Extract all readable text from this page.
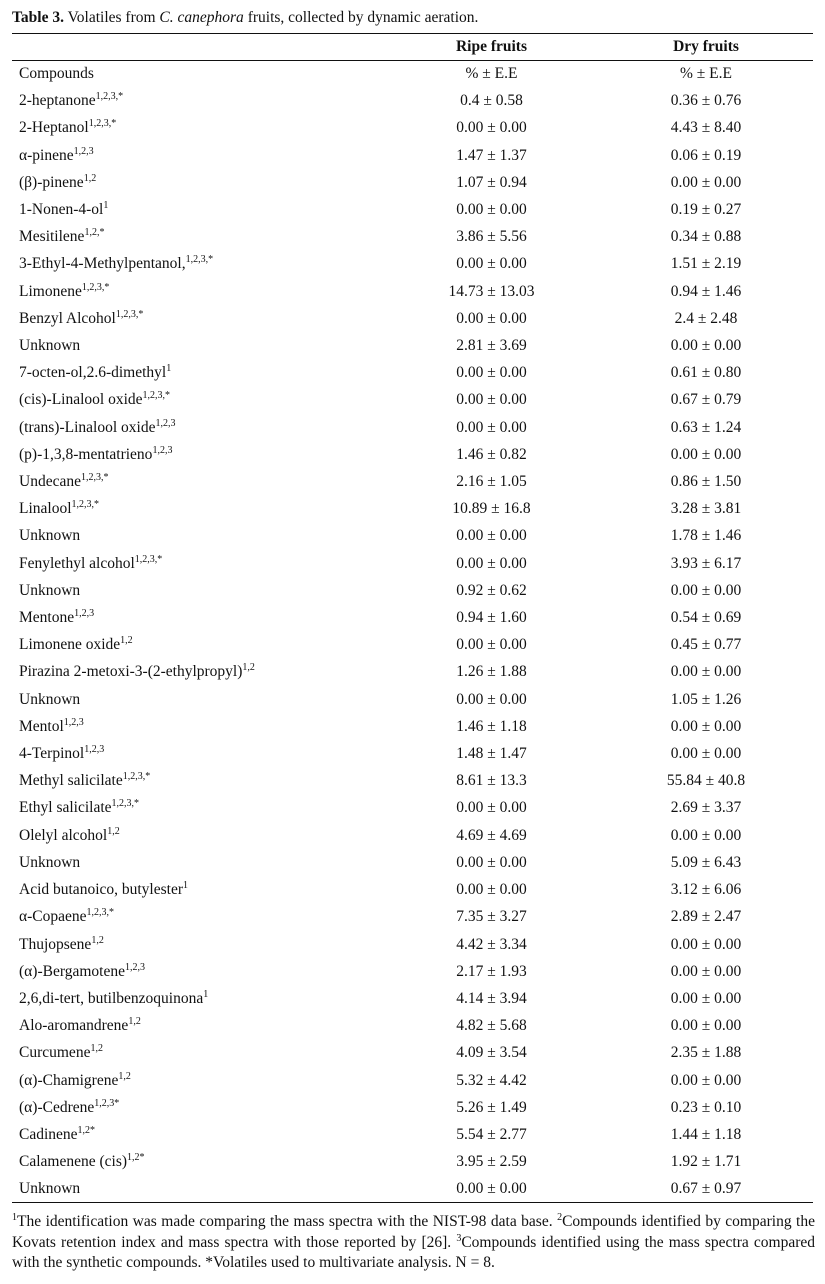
Table 3. Volatiles from C. canephora fruits, collected by dynamic aeration.
	Ripe fruits	Dry fruits
Compounds	% ± E.E	% ± E.E
2-heptanone$^{1,2,3,*}$	0.4 ± 0.58	0.36 ± 0.76
2-Heptanol$^{1,2,3,*}$	0.00 ± 0.00	4.43 ± 8.40
α-pinene$^{1,2,3}$	1.47 ± 1.37	0.06 ± 0.19
(β)-pinene$^{1,2}$	1.07 ± 0.94	0.00 ± 0.00
$1-Nonen-4-ol^1$	0.00 ± 0.00	0.19 ± 0.27
Mesitilene$^{1,2,*}$	3.86 ± 5.56	0.34 ± 0.88
3-Ethyl-4-Methylpentanol,$^{1,2,3,*}$	0.00 ± 0.00	1.51 ± 2.19
Limonene$^{1,2,3,*}$	14.73 ± 13.03	0.94 ± 1.46
Benzyl Alcohol$^{1,2,3,*}$	0.00 ± 0.00	2.4 ± 2.48
Unknown	2.81 ± 3.69	0.00 ± 0.00
7-octen-ol,2.6-dimethyl$^1$	0.00 ± 0.00	0.61 ± 0.80
(cis)-Linalool oxide$^{1,2,3,*}$	0.00 ± 0.00	0.67 ± 0.79
(trans)-Linalool oxide$^{1,2,3}$	0.00 ± 0.00	0.63 ± 1.24
(p)-1,3,8-mentatrieno$^{1,2,3}$	1.46 ± 0.82	0.00 ± 0.00
Undecane$^{1,2,3,*}$	2.16 ± 1.05	0.86 ± 1.50
Linalool$^{1,2,3,*}$	10.89 ± 16.8	3.28 ± 3.81
Unknown	0.00 ± 0.00	1.78 ± 1.46
Fenylethyl alcohol$^{1,2,3,*}$	0.00 ± 0.00	3.93 ± 6.17
Unknown	0.92 ± 0.62	0.00 ± 0.00
Mentone$^{1,2,3}$	0.94 ± 1.60	0.54 ± 0.69
Limonene oxide$^{1,2}$	0.00 ± 0.00	0.45 ± 0.77
Pirazina 2-metoxi-3-(2-ethylpropyl)$^{1,2}$	1.26 ± 1.88	0.00 ± 0.00
Unknown	0.00 ± 0.00	1.05 ± 1.26
Mentol$^{1,2,3}$	1.46 ± 1.18	0.00 ± 0.00
4-Terpinol$^{1,2,3}$	1.48 ± 1.47	0.00 ± 0.00
Methyl salicilate$^{1,2,3,*}$	8.61 ± 13.3	55.84 ± 40.8
Ethyl salicilate$^{1,2,3,*}$	0.00 ± 0.00	2.69 ± 3.37
Olelyl alcohol$^{1,2}$	4.69 ± 4.69	0.00 ± 0.00
Unknown	0.00 ± 0.00	5.09 ± 6.43
Acid butanoico, butylester$^1$	0.00 ± 0.00	3.12 ± 6.06
α-Copaene$^{1,2,3,*}$	7.35 ± 3.27	2.89 ± 2.47
Thujopsene$^{1,2}$	4.42 ± 3.34	0.00 ± 0.00
(α)-Bergamotene$^{1,2,3}$	2.17 ± 1.93	0.00 ± 0.00
2,6,di-tert, butilbenzoquinona$^1$	4.14 ± 3.94	0.00 ± 0.00
Alo-aromandrene$^{1,2}$	4.82 ± 5.68	0.00 ± 0.00
Curcumene$^{1,2}$	4.09 ± 3.54	2.35 ± 1.88
(α)-Chamigrene$^{1,2}$	5.32 ± 4.42	0.00 ± 0.00
(α)-Cedrene$^{1,2,3*}$	5.26 ± 1.49	0.23 ± 0.10
Cadinene$^{1,2*}$	5.54 ± 2.77	1.44 ± 1.18
Calamenene (cis)$^{1,2*}$	3.95 ± 2.59	1.92 ± 1.71
Unknown	0.00 ± 0.00	0.67 ± 0.97
$^1$The identification was made comparing the mass spectra with the NIST-98 data base. $^2$Compounds identified by comparing the Kovats retention index and mass spectra with those reported by [26]. $^3$Compounds identified using the mass spectra compared with the synthetic compounds. *Volatiles used to multivariate analysis. N = 8.
